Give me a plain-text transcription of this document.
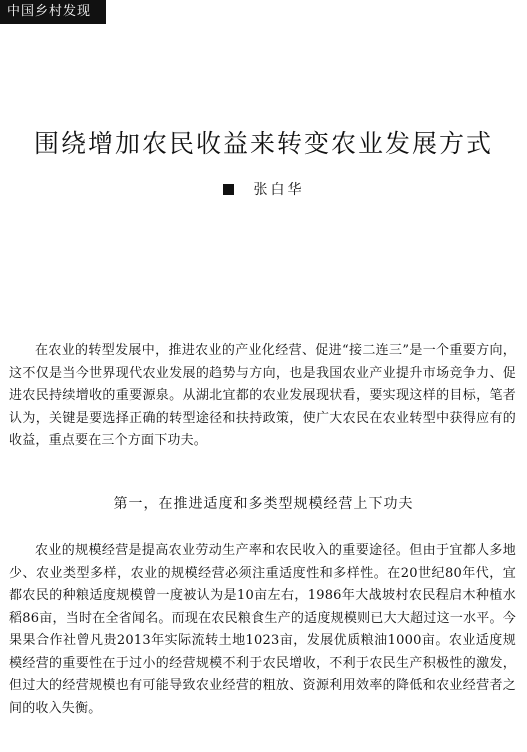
中国乡村发现
围绕增加农民收益来转变农业发展方式
张白华

在农业的转型发展中，推进农业的产业化经营、促进“接二连三”是一个重要方向，这不仅是当今世界现代农业发展的趋势与方向，也是我国农业产业提升市场竞争力、促进农民持续增收的重要源泉。从湖北宜都的农业发展现状看，要实现这样的目标，笔者认为，关键是要选择正确的转型途径和扶持政策，使广大农民在农业转型中获得应有的收益，重点要在三个方面下功夫。

第一，在推进适度和多类型规模经营上下功夫

农业的规模经营是提高农业劳动生产率和农民收入的重要途径。但由于宜都人多地少、农业类型多样，农业的规模经营必须注重适度性和多样性。在20世纪80年代，宜都农民的种粮适度规模曾一度被认为是10亩左右，1986年大战坡村农民程启木种植水稻86亩，当时在全省闻名。而现在农民粮食生产的适度规模则已大大超过这一水平。今果果合作社曾凡贵2013年实际流转土地1023亩，发展优质粮油1000亩。农业适度规模经营的重要性在于过小的经营规模不利于农民增收，不利于农民生产积极性的激发，但过大的经营规模也有可能导致农业经营的粗放、资源利用效率的降低和农业经营者之间的收入失衡。
